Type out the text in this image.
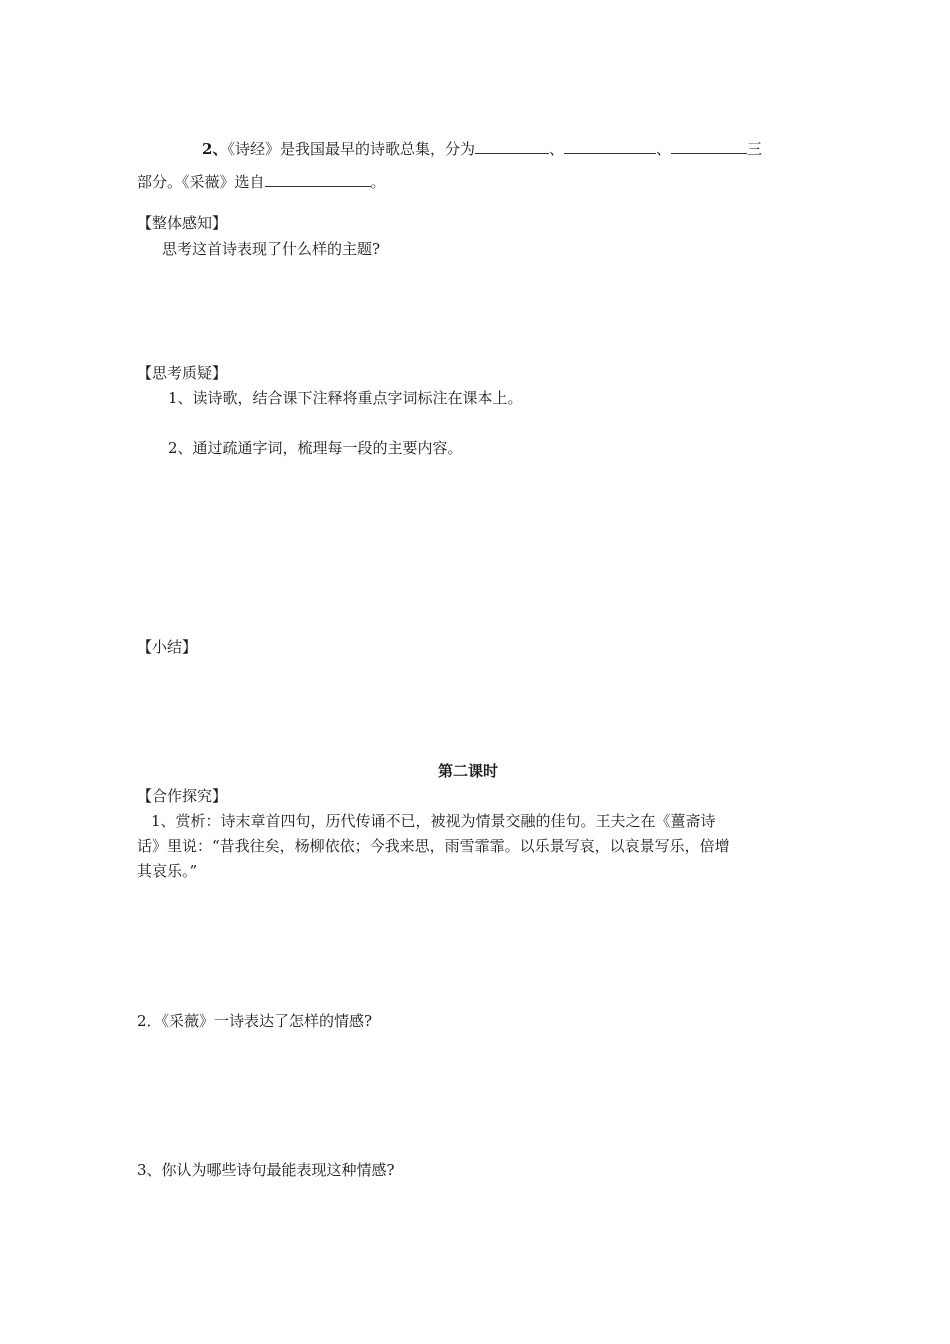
2、《诗经》是我国最早的诗歌总集，分为	、	、	三
部分。《采薇》选自	。
【整体感知】
思考这首诗表现了什么样的主题?
【思考质疑】
1、读诗歌，结合课下注释将重点字词标注在课本上。
2、通过疏通字词，梳理每一段的主要内容。
【小结】
第二课时
【合作探究】
1、赏析：诗末章首四句，历代传诵不已，被视为情景交融的佳句。王夫之在《薑斋诗
话》里说：“昔我往矣，杨柳依依；今我来思，雨雪霏霏。以乐景写哀，以哀景写乐，倍增
其哀乐。”
2．《采薇》一诗表达了怎样的情感?
3、你认为哪些诗句最能表现这种情感?
